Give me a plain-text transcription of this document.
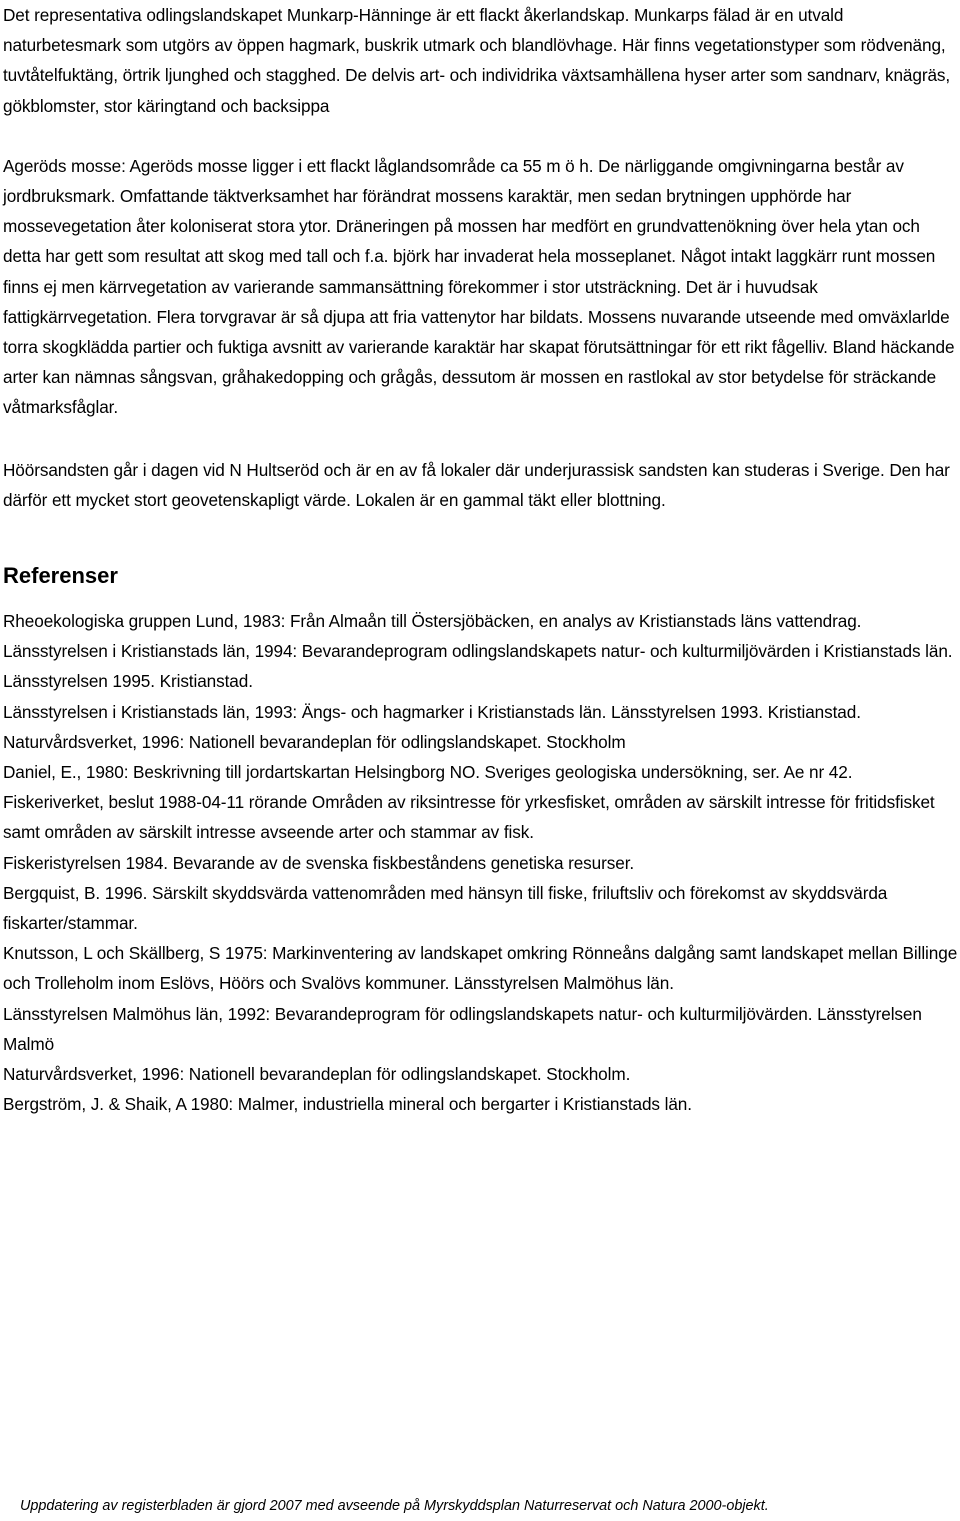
Det representativa odlingslandskapet Munkarp-Hänninge är ett flackt åkerlandskap. Munkarps fälad är en utvald naturbetesmark som utgörs av öppen hagmark, buskrik utmark och blandlövhage. Här finns vegetationstyper som rödvenäng, tuvtåtelfuktäng, örtrik ljunghed och stagghed. De delvis art- och individrika växtsamhällena hyser arter som sandnarv, knägräs, gökblomster, stor käringtand och backsippa

Ageröds mosse: Ageröds mosse ligger i ett flackt låglandsområde ca 55 m ö h. De närliggande omgivningarna består av jordbruksmark. Omfattande täktverksamhet har förändrat mossens karaktär, men sedan brytningen upphörde har mossevegetation åter koloniserat stora ytor. Dräneringen på mossen har medfört en grundvattenökning över hela ytan och detta har gett som resultat att skog med tall och f.a. björk har invaderat hela mosseplanet. Något intakt laggkärr runt mossen finns ej men kärrvegetation av varierande sammansättning förekommer i stor utsträckning. Det är i huvudsak fattigkärrvegetation. Flera torvgravar är så djupa att fria vattenytor har bildats. Mossens nuvarande utseende med omväxlarlde torra skogklädda partier och fuktiga avsnitt av varierande karaktär har skapat förutsättningar för ett rikt fågelliv. Bland häckande arter kan nämnas sångsvan, gråhakedopping och grågås, dessutom är mossen en rastlokal av stor betydelse för sträckande våtmarksfåglar.

Höörsandsten går i dagen vid N Hultseröd och är en av få lokaler där underjurassisk sandsten kan studeras i Sverige. Den har därför ett mycket stort geovetenskapligt värde. Lokalen är en gammal täkt eller blottning.

Referenser

Rheoekologiska gruppen Lund, 1983: Från Almaån till Östersjöbäcken, en analys av Kristianstads läns vattendrag.

Länsstyrelsen i Kristianstads län, 1994: Bevarandeprogram odlingslandskapets natur- och kulturmiljövärden i Kristianstads län. Länsstyrelsen 1995. Kristianstad.

Länsstyrelsen i Kristianstads län, 1993: Ängs- och hagmarker i Kristianstads län. Länsstyrelsen 1993. Kristianstad.

Naturvårdsverket, 1996: Nationell bevarandeplan för odlingslandskapet. Stockholm

Daniel, E., 1980: Beskrivning till jordartskartan Helsingborg NO. Sveriges geologiska undersökning, ser. Ae nr 42.

Fiskeriverket, beslut 1988-04-11 rörande Områden av riksintresse för yrkesfisket, områden av särskilt intresse för fritidsfisket samt områden av särskilt intresse avseende arter och stammar av fisk.

Fiskeristyrelsen 1984. Bevarande av de svenska fiskbeståndens genetiska resurser.

Bergquist, B. 1996. Särskilt skyddsvärda vattenområden med hänsyn till fiske, friluftsliv och förekomst av skyddsvärda fiskarter/stammar.

Knutsson, L och Skällberg, S 1975: Markinventering av landskapet omkring Rönneåns dalgång samt landskapet mellan Billinge och Trolleholm inom Eslövs, Höörs och Svalövs kommuner. Länsstyrelsen Malmöhus län.

Länsstyrelsen Malmöhus län, 1992: Bevarandeprogram för odlingslandskapets natur- och kulturmiljövärden. Länsstyrelsen Malmö

Naturvårdsverket, 1996: Nationell bevarandeplan för odlingslandskapet. Stockholm.

Bergström, J. & Shaik, A 1980: Malmer, industriella mineral och bergarter i Kristianstads län.

Uppdatering av registerbladen är gjord 2007 med avseende på Myrskyddsplan Naturreservat och Natura 2000-objekt.
